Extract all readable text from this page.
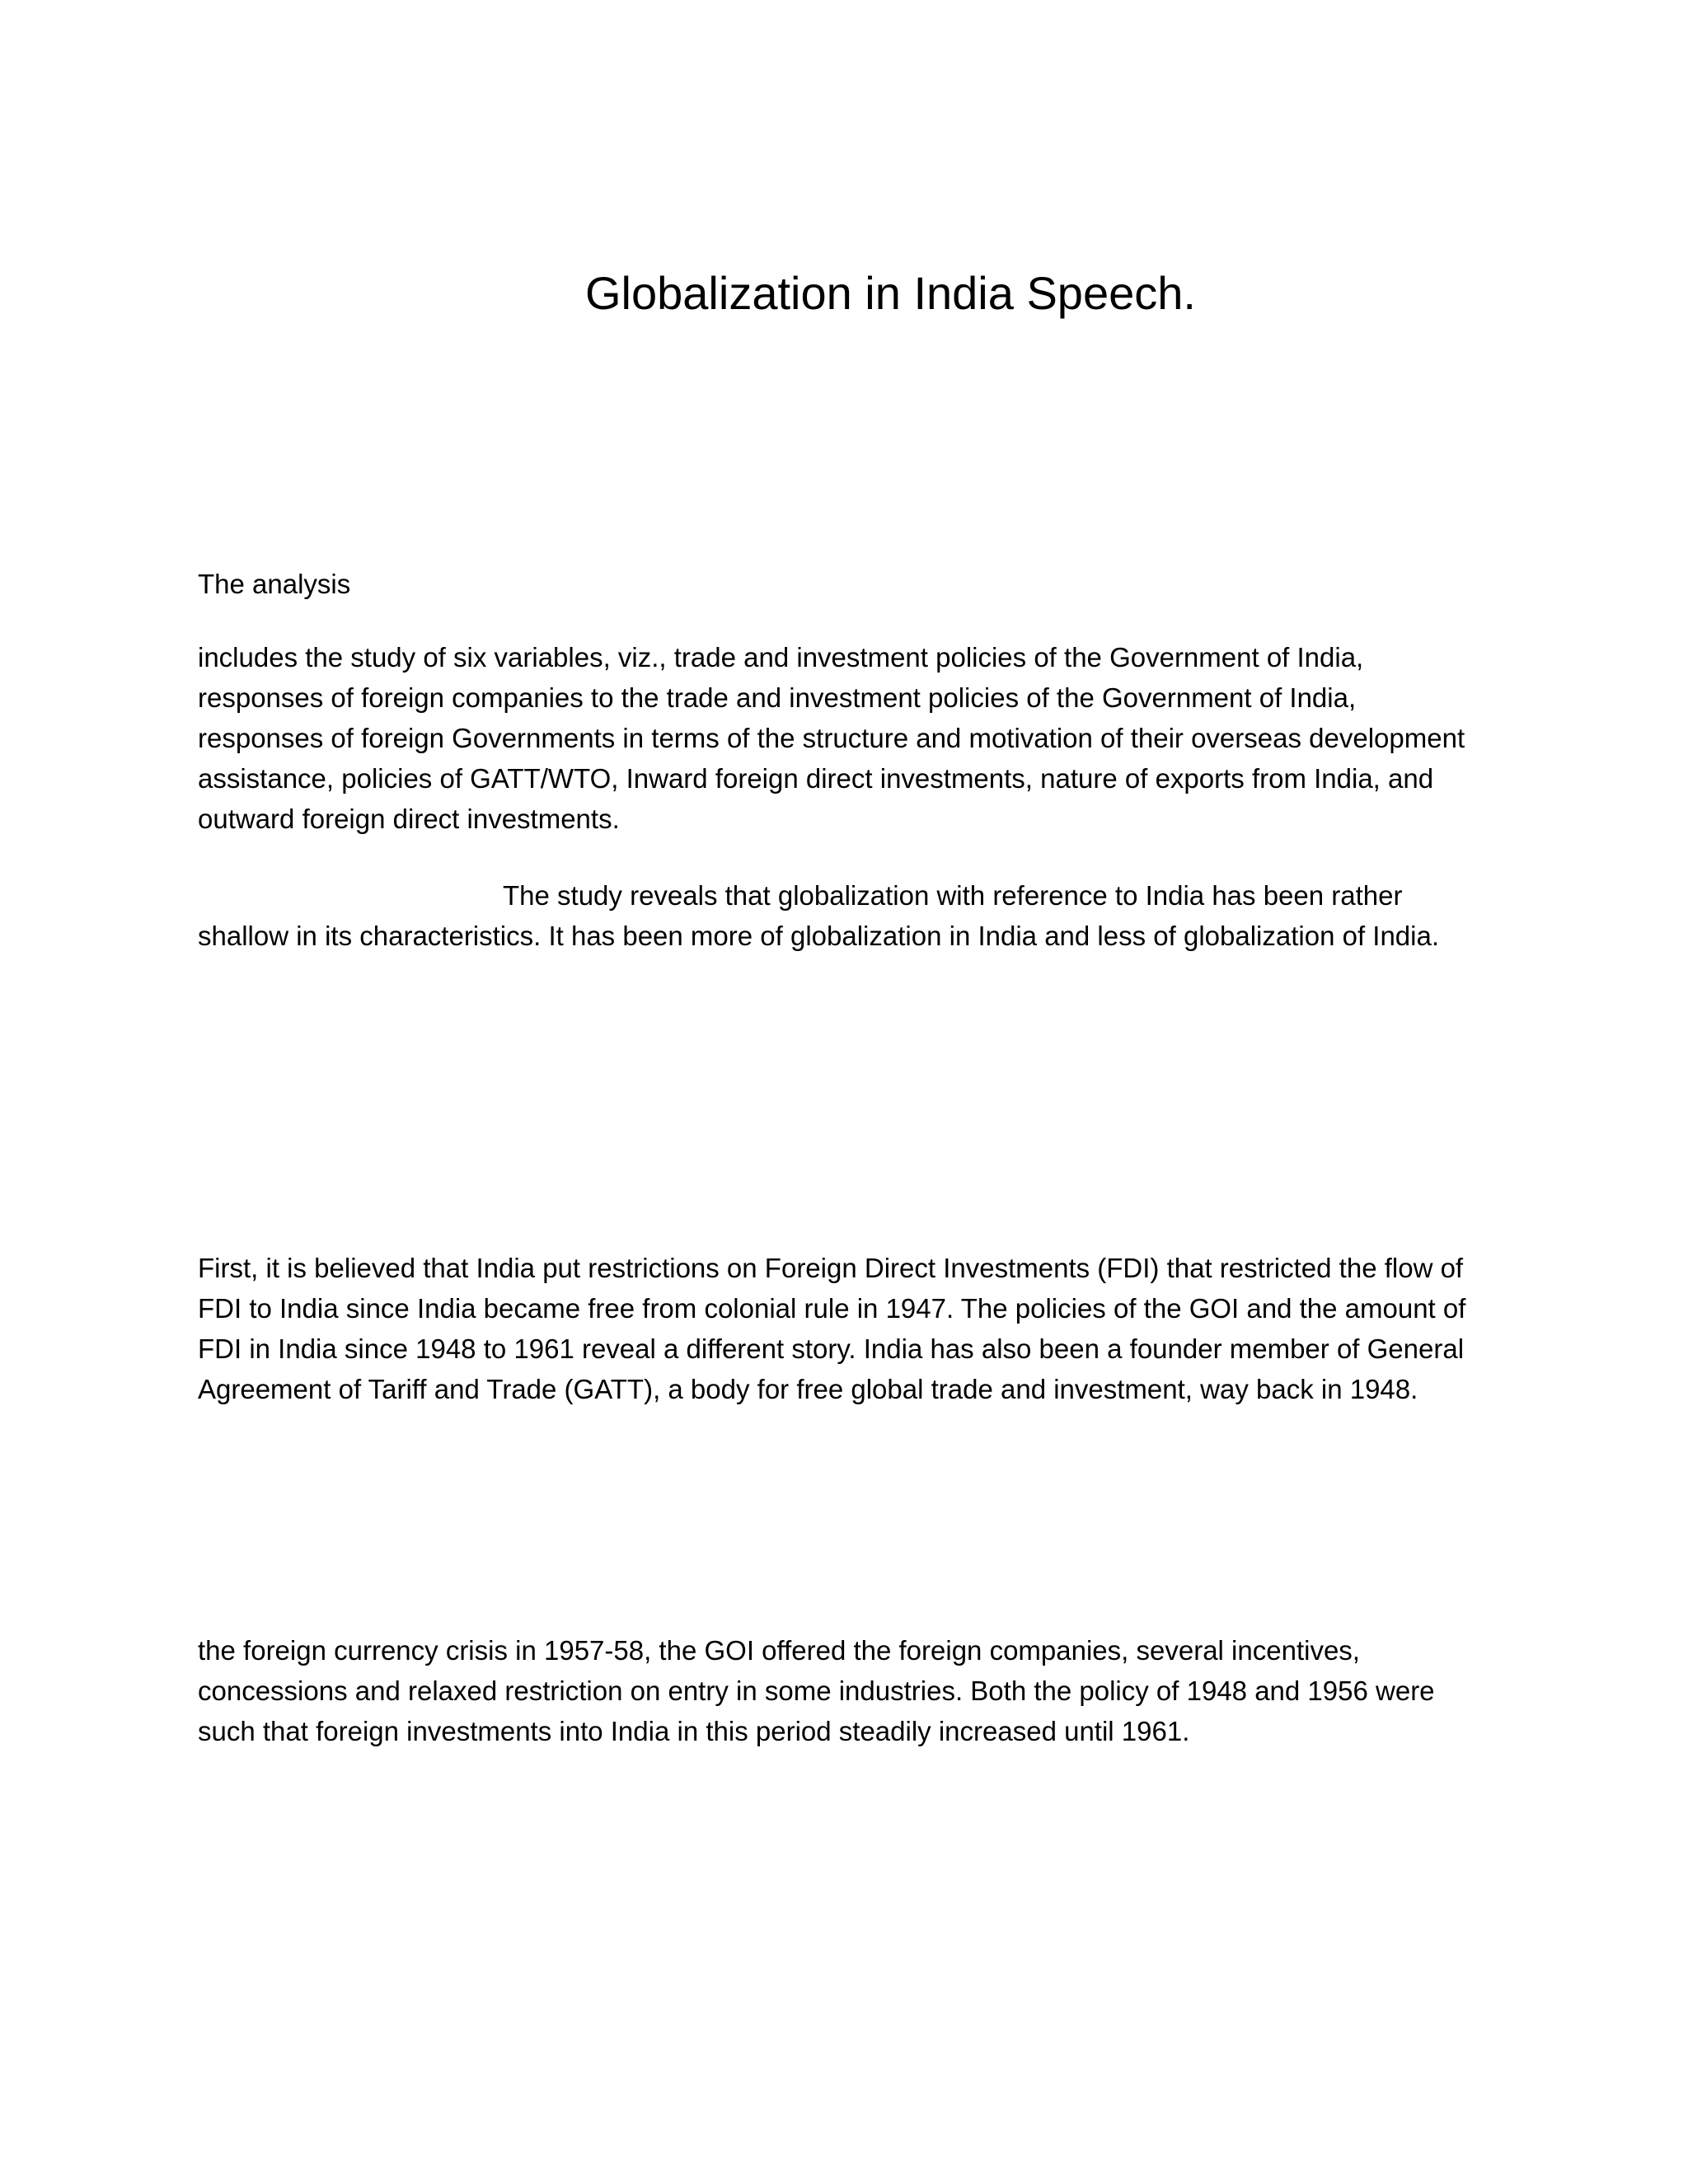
Globalization in India Speech.

The analysis

includes the study of six variables, viz., trade and investment policies of the Government of India, responses of foreign companies to the trade and investment policies of the Government of India, responses of foreign Governments in terms of the structure and motivation of their overseas development assistance, policies of GATT/WTO, Inward foreign direct investments, nature of exports from India, and outward foreign direct investments.

The study reveals that globalization with reference to India has been rather shallow in its characteristics. It has been more of globalization in India and less of globalization of India.

First, it is believed that India put restrictions on Foreign Direct Investments (FDI) that restricted the flow of FDI to India since India became free from colonial rule in 1947. The policies of the GOI and the amount of FDI in India since 1948 to 1961 reveal a different story. India has also been a founder member of General Agreement of Tariff and Trade (GATT), a body for free global trade and investment, way back in 1948.

the foreign currency crisis in 1957-58, the GOI offered the foreign companies, several incentives, concessions and relaxed restriction on entry in some industries. Both the policy of 1948 and 1956 were such that foreign investments into India in this period steadily increased until 1961.
